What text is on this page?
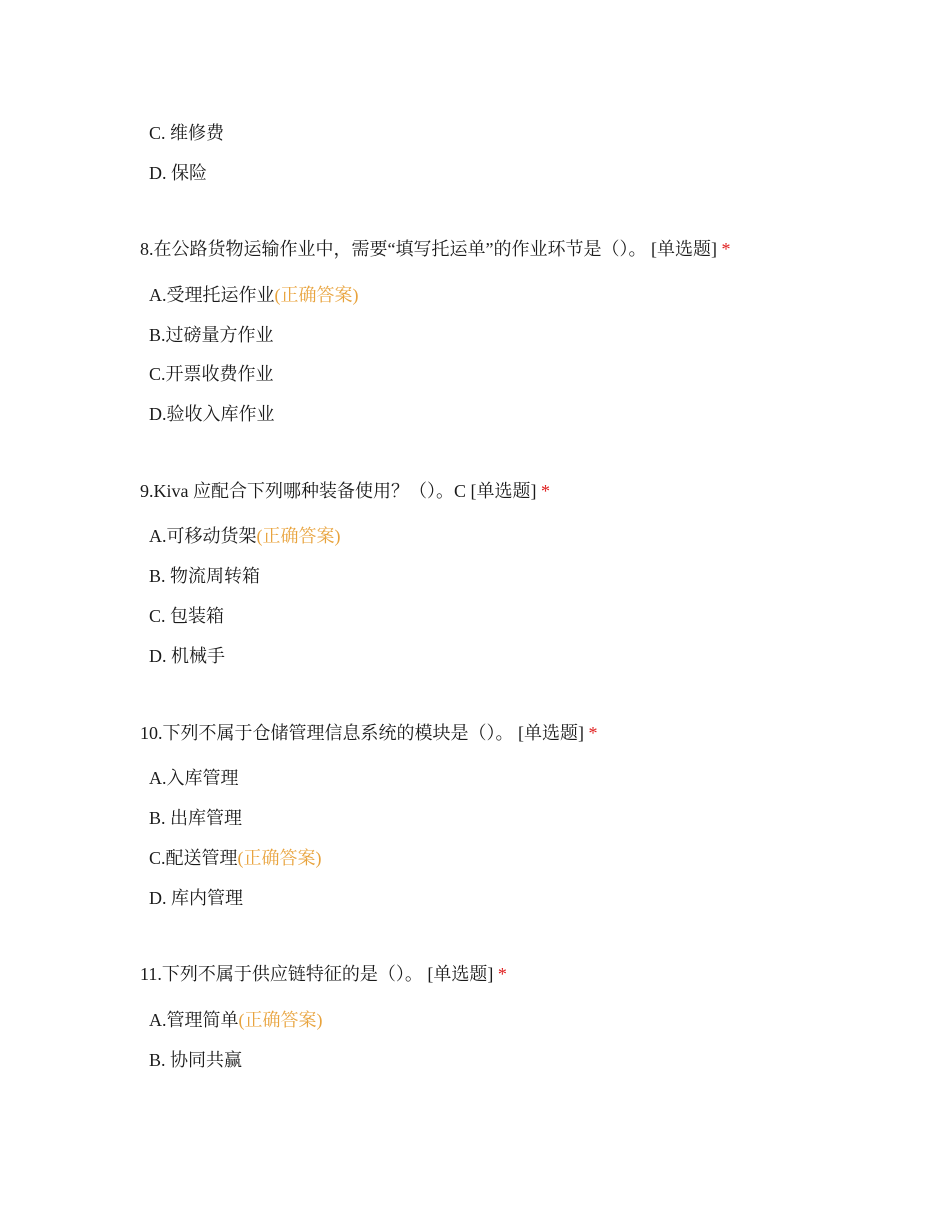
C. 维修费
D. 保险
8.在公路货物运输作业中，需要“填写托运单”的作业环节是（）。 [单选题] *
A.受理托运作业(正确答案)
B.过磅量方作业
C.开票收费作业
D.验收入库作业
9.Kiva 应配合下列哪种装备使用？（）。C [单选题] *
A.可移动货架(正确答案)
B. 物流周转箱
C. 包装箱
D. 机械手
10.下列不属于仓储管理信息系统的模块是（）。 [单选题] *
A.入库管理
B. 出库管理
C.配送管理(正确答案)
D. 库内管理
11.下列不属于供应链特征的是（）。 [单选题] *
A.管理简单(正确答案)
B. 协同共赢
